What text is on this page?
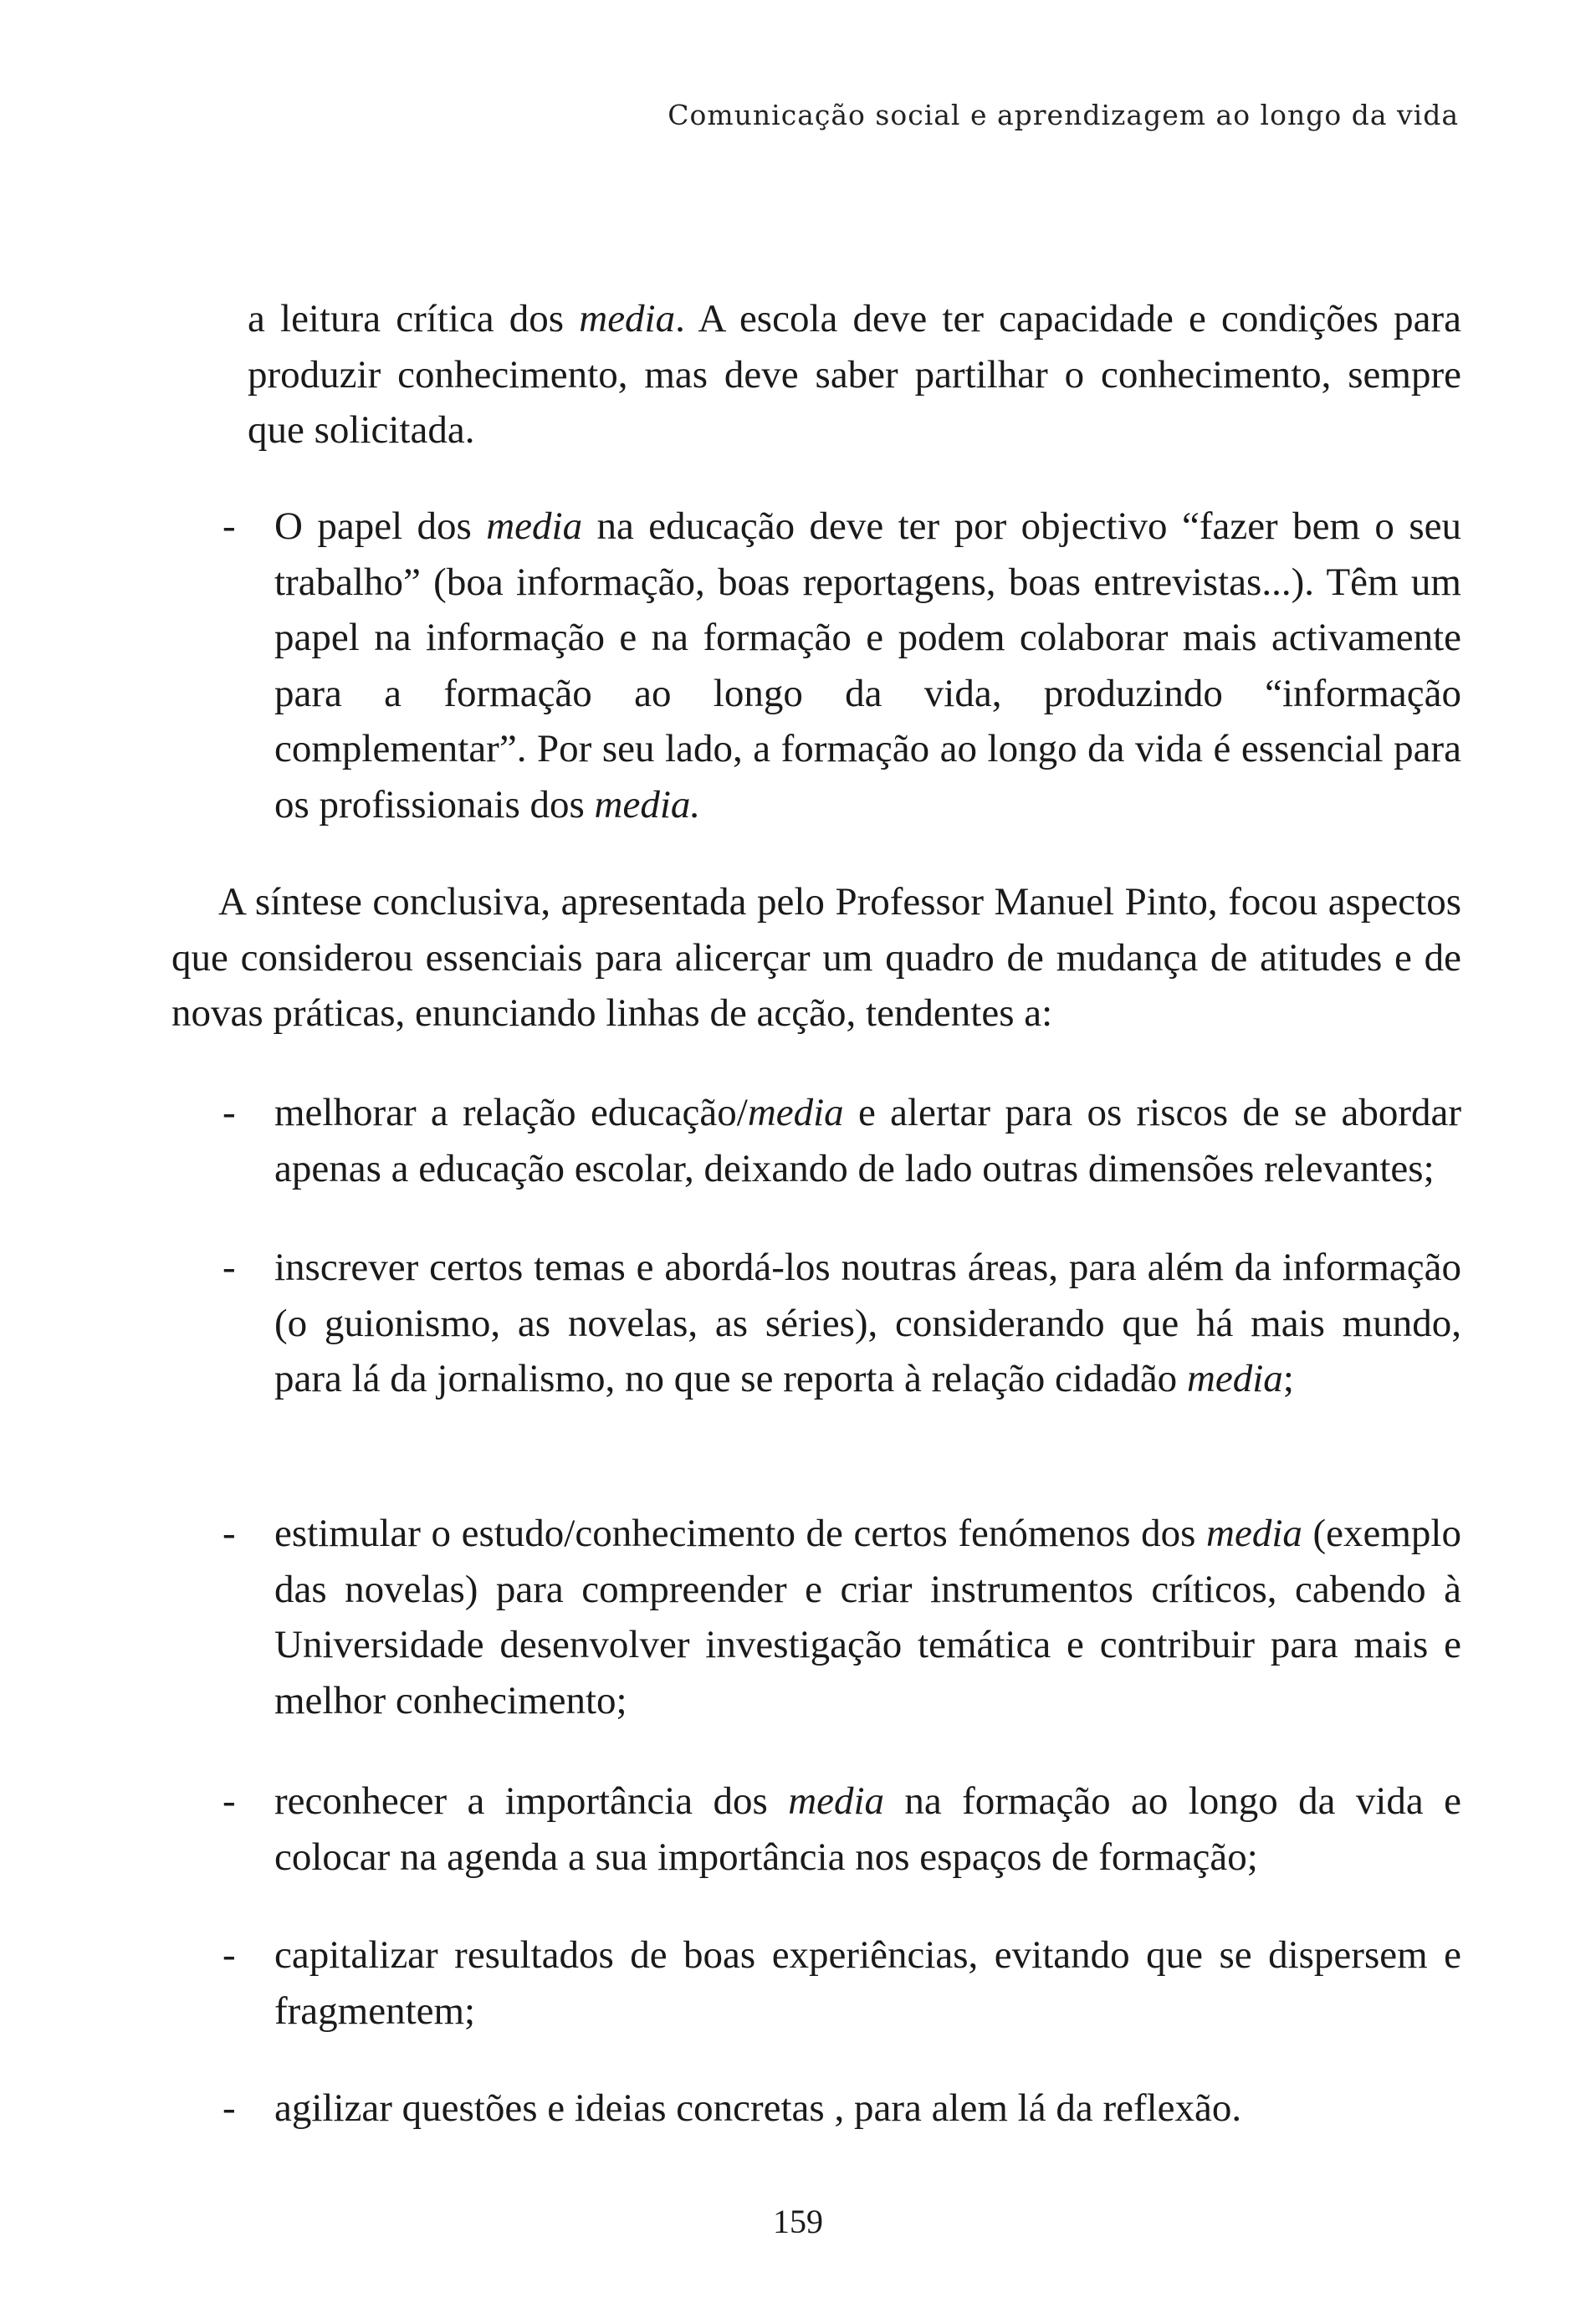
Comunicação social e aprendizagem ao longo da vida
a leitura crítica dos media. A escola deve ter capacidade e condições para produzir conhecimento, mas deve saber partilhar o conhecimento, sempre que solicitada.
- O papel dos media na educação deve ter por objectivo “fazer bem o seu trabalho” (boa informação, boas reportagens, boas entrevistas...). Têm um papel na informação e na formação e podem colaborar mais activamente para a formação ao longo da vida, produzindo “informação complementar”. Por seu lado, a formação ao longo da vida é essencial para os profissionais dos media.
A síntese conclusiva, apresentada pelo Professor Manuel Pinto, focou aspectos que considerou essenciais para alicerçar um quadro de mudança de atitudes e de novas práticas, enunciando linhas de acção, tendentes a:
- melhorar a relação educação/media e alertar para os riscos de se abordar apenas a educação escolar, deixando de lado outras dimensões relevantes;
- inscrever certos temas e abordá-los noutras áreas, para além da informação (o guionismo, as novelas, as séries), considerando que há mais mundo, para lá da jornalismo, no que se reporta à relação cidadão media;
- estimular o estudo/conhecimento de certos fenómenos dos media (exemplo das novelas) para compreender e criar instrumentos críticos, cabendo à Universidade desenvolver investigação temática e contribuir para mais e melhor conhecimento;
- reconhecer a importância dos media na formação ao longo da vida e colocar na agenda a sua importância nos espaços de formação;
- capitalizar resultados de boas experiências, evitando que se dispersem e fragmentem;
- agilizar questões e ideias concretas , para alem lá da reflexão.
159
